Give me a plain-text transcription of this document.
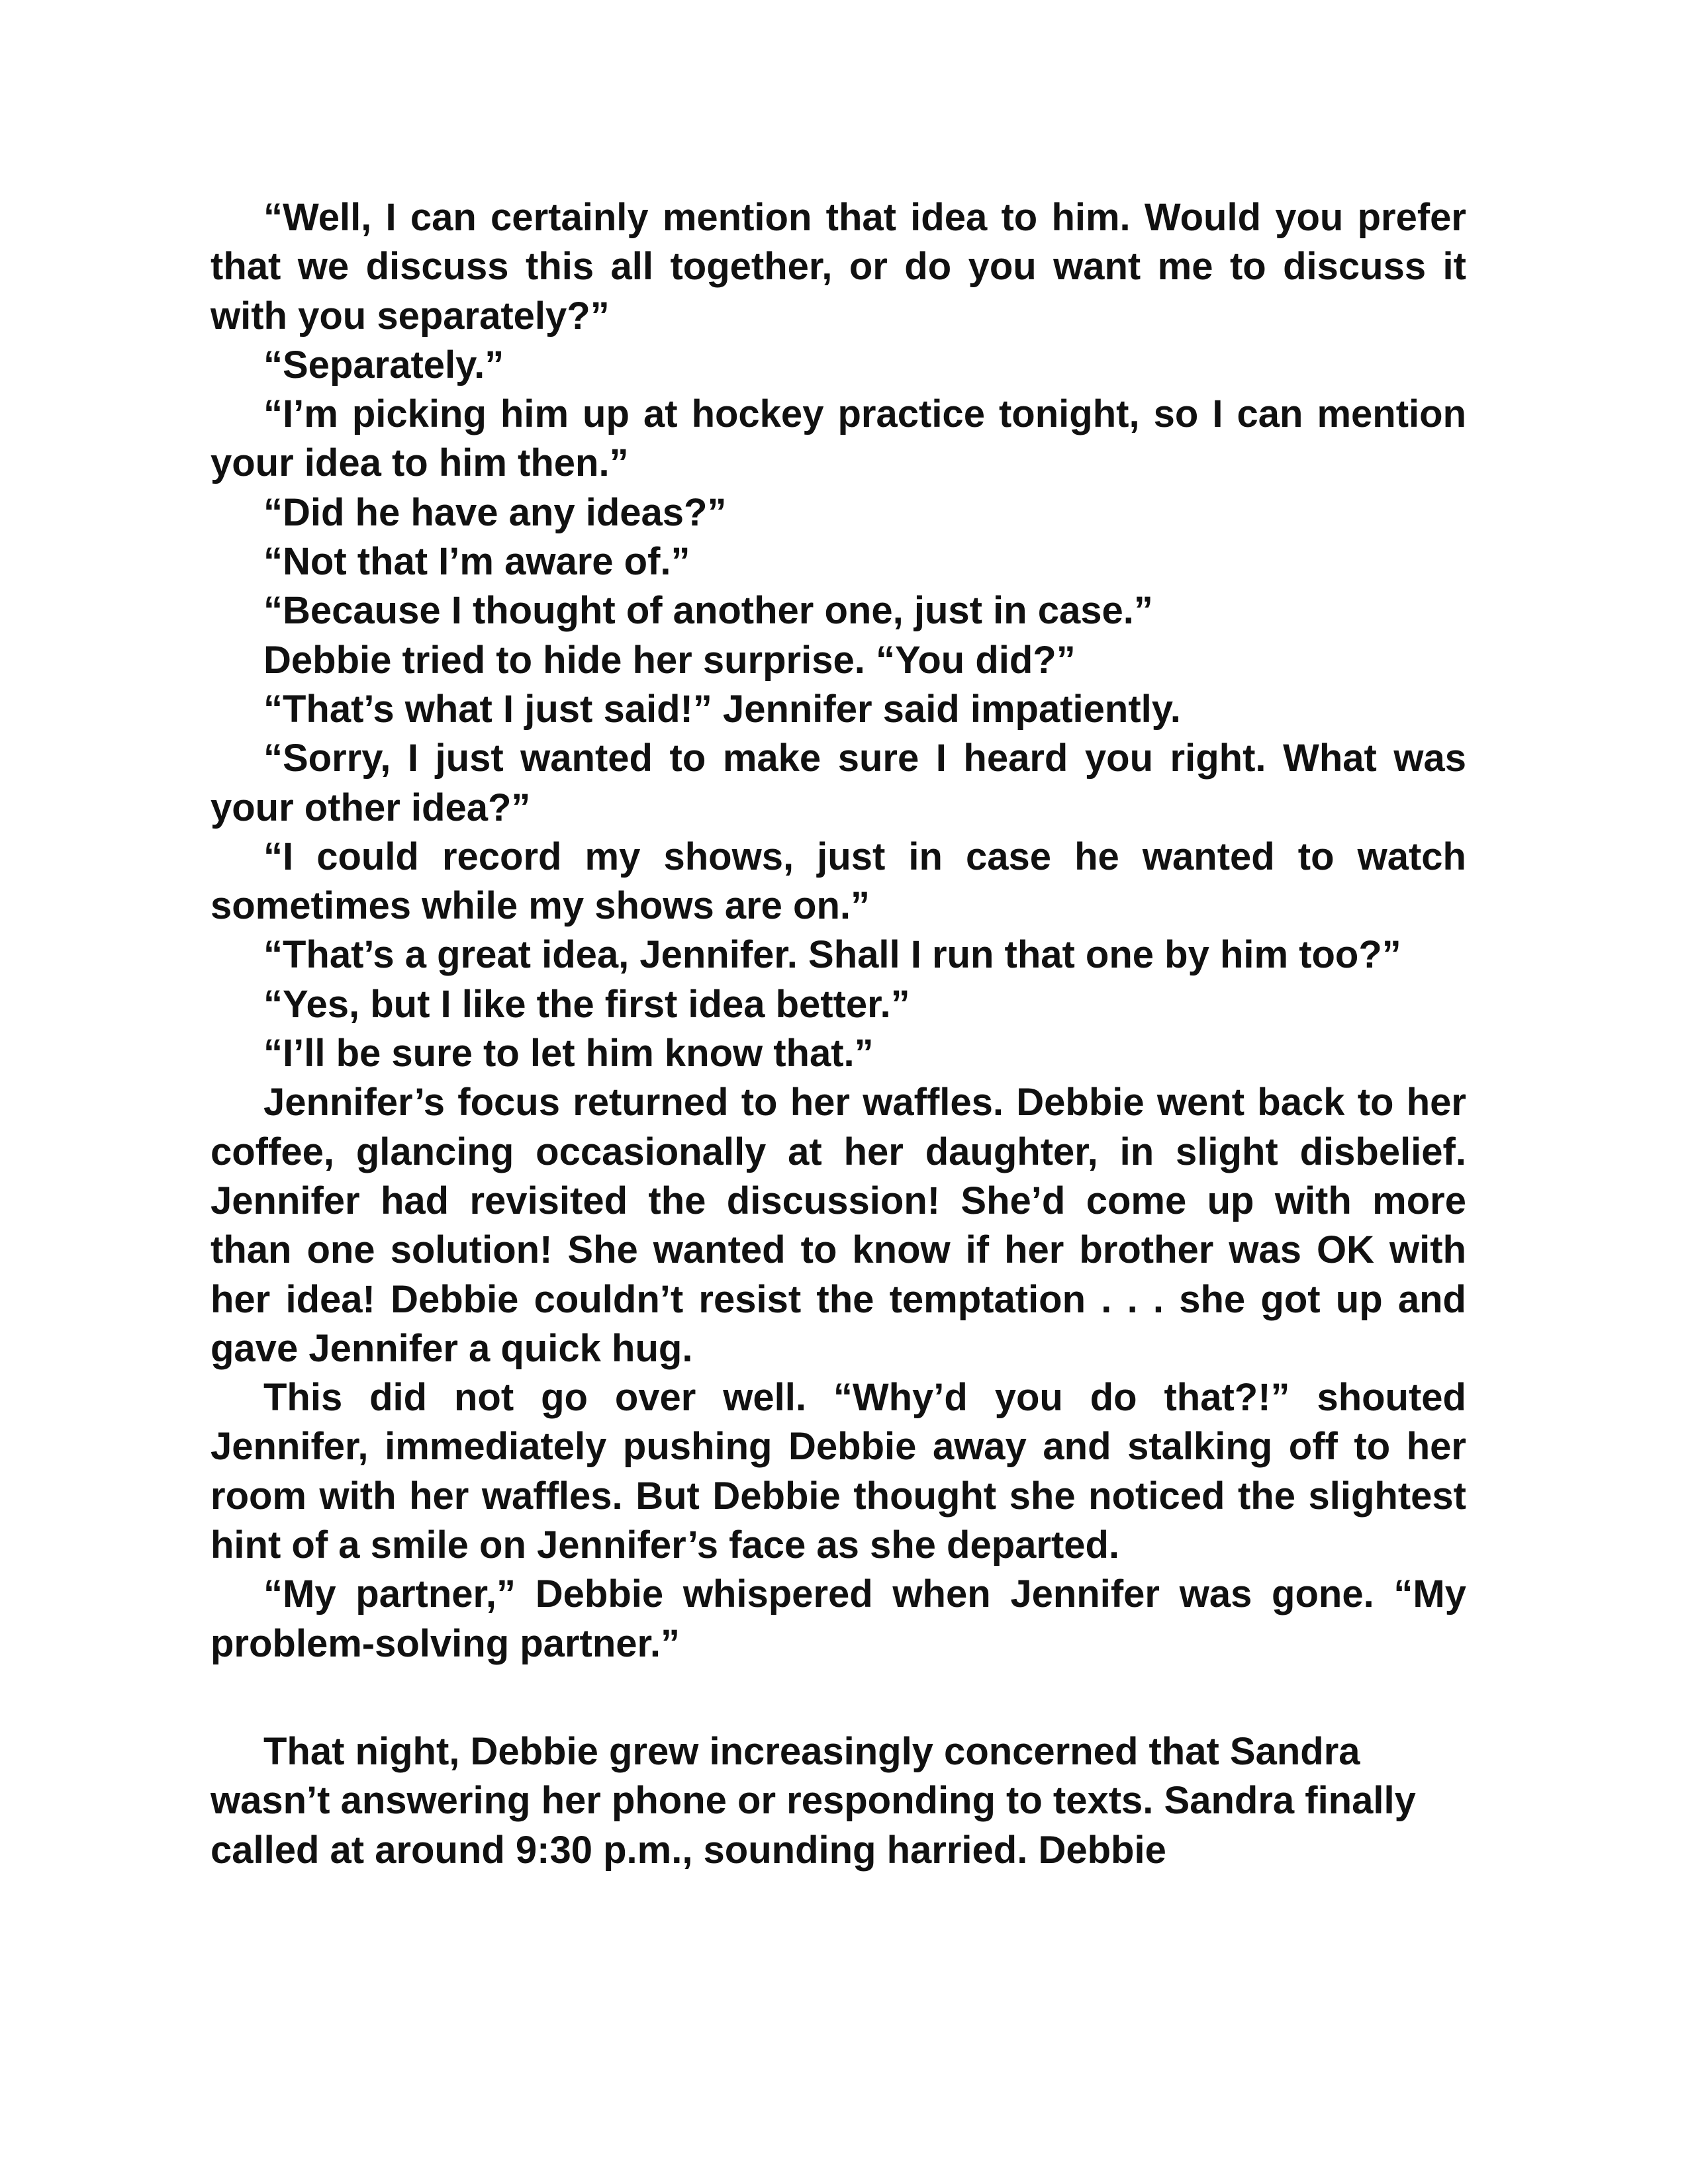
“Well, I can certainly mention that idea to him. Would you prefer that we discuss this all together, or do you want me to discuss it with you separately?”

“Separately.”

“I’m picking him up at hockey practice tonight, so I can mention your idea to him then.”

“Did he have any ideas?”

“Not that I’m aware of.”

“Because I thought of another one, just in case.”

Debbie tried to hide her surprise. “You did?”

“That’s what I just said!” Jennifer said impatiently.

“Sorry, I just wanted to make sure I heard you right. What was your other idea?”

“I could record my shows, just in case he wanted to watch sometimes while my shows are on.”

“That’s a great idea, Jennifer. Shall I run that one by him too?”

“Yes, but I like the first idea better.”

“I’ll be sure to let him know that.”

Jennifer’s focus returned to her waffles. Debbie went back to her coffee, glancing occasionally at her daughter, in slight disbelief. Jennifer had revisited the discussion! She’d come up with more than one solution! She wanted to know if her brother was OK with her idea! Debbie couldn’t resist the temptation . . . she got up and gave Jennifer a quick hug.

This did not go over well. “Why’d you do that?!” shouted Jennifer, immediately pushing Debbie away and stalking off to her room with her waffles. But Debbie thought she noticed the slightest hint of a smile on Jennifer’s face as she departed.

“My partner,” Debbie whispered when Jennifer was gone. “My problem-solving partner.”

That night, Debbie grew increasingly concerned that Sandra wasn’t answering her phone or responding to texts. Sandra finally called at around 9:30 p.m., sounding harried. Debbie
